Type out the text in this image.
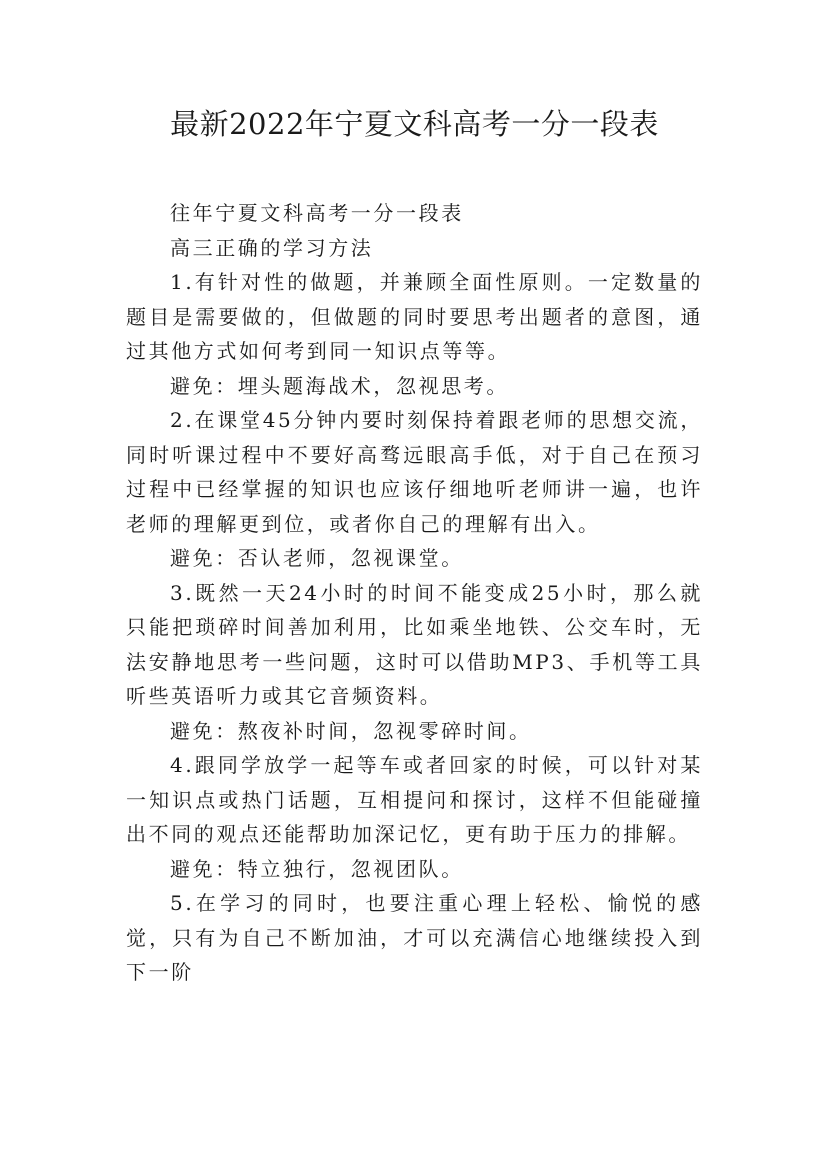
最新2022年宁夏文科高考一分一段表

往年宁夏文科高考一分一段表

高三正确的学习方法

1.有针对性的做题，并兼顾全面性原则。一定数量的题目是需要做的，但做题的同时要思考出题者的意图，通过其他方式如何考到同一知识点等等。

避免：埋头题海战术，忽视思考。

2.在课堂45分钟内要时刻保持着跟老师的思想交流，同时听课过程中不要好高骛远眼高手低，对于自己在预习过程中已经掌握的知识也应该仔细地听老师讲一遍，也许老师的理解更到位，或者你自己的理解有出入。

避免：否认老师，忽视课堂。

3.既然一天24小时的时间不能变成25小时，那么就只能把琐碎时间善加利用，比如乘坐地铁、公交车时，无法安静地思考一些问题，这时可以借助MP3、手机等工具听些英语听力或其它音频资料。

避免：熬夜补时间，忽视零碎时间。

4.跟同学放学一起等车或者回家的时候，可以针对某一知识点或热门话题，互相提问和探讨，这样不但能碰撞出不同的观点还能帮助加深记忆，更有助于压力的排解。

避免：特立独行，忽视团队。

5.在学习的同时，也要注重心理上轻松、愉悦的感觉，只有为自己不断加油，才可以充满信心地继续投入到下一阶
